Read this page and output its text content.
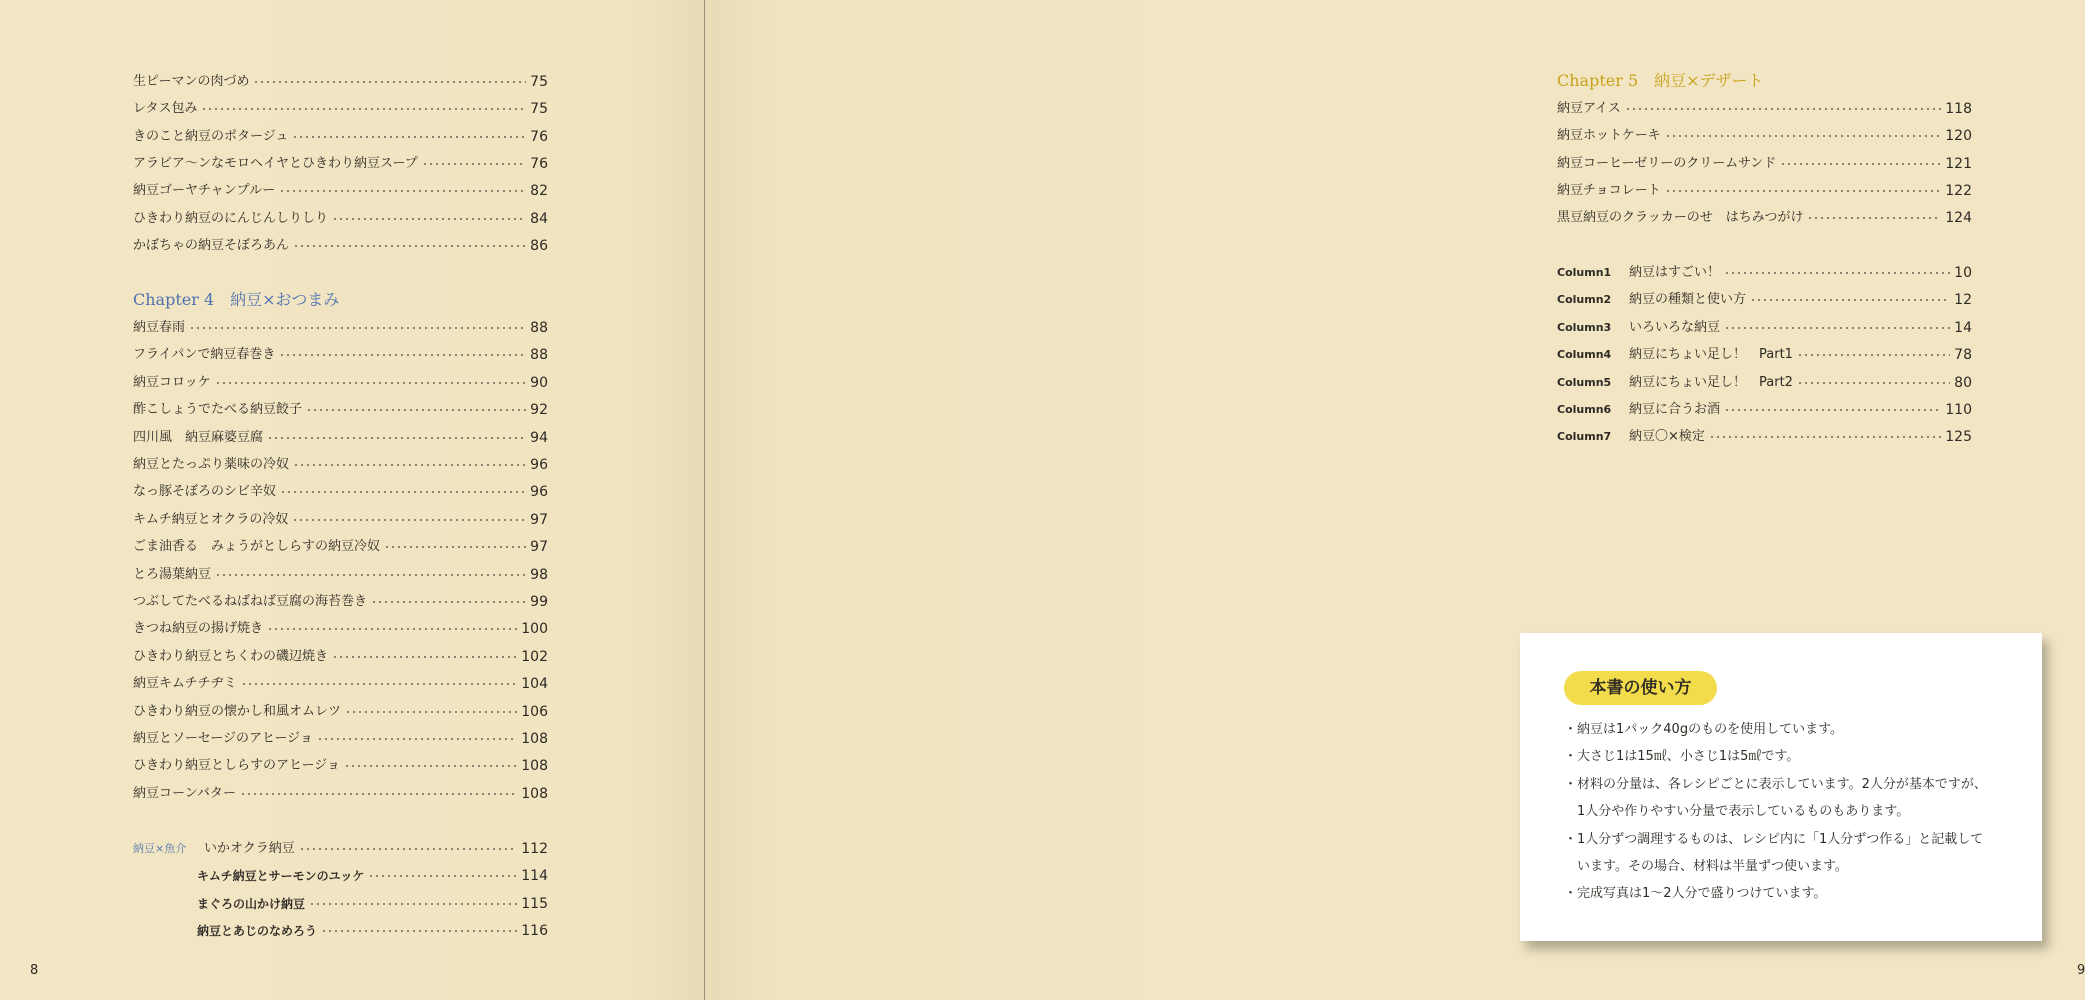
生ピーマンの肉づめ	75
レタス包み	75
きのこと納豆のポタージュ	76
アラビア〜ンなモロヘイヤとひきわり納豆スープ	76
納豆ゴーヤチャンプルー	82
ひきわり納豆のにんじんしりしり	84
かぼちゃの納豆そぼろあん	86
Chapter 4　納豆×おつまみ
納豆春雨	88
フライパンで納豆春巻き	88
納豆コロッケ	90
酢こしょうでたべる納豆餃子	92
四川風　納豆麻婆豆腐	94
納豆とたっぷり薬味の冷奴	96
なっ豚そぼろのシビ辛奴	96
キムチ納豆とオクラの冷奴	97
ごま油香る　みょうがとしらすの納豆冷奴	97
とろ湯葉納豆	98
つぶしてたべるねばねば豆腐の海苔巻き	99
きつね納豆の揚げ焼き	100
ひきわり納豆とちくわの磯辺焼き	102
納豆キムチチヂミ	104
ひきわり納豆の懐かし和風オムレツ	106
納豆とソーセージのアヒージョ	108
ひきわり納豆としらすのアヒージョ	108
納豆コーンバター	108
納豆×魚介 いかオクラ納豆	112
キムチ納豆とサーモンのユッケ	114
まぐろの山かけ納豆	115
納豆とあじのなめろう	116
8
Chapter 5　納豆×デザート
納豆アイス	118
納豆ホットケーキ	120
納豆コーヒーゼリーのクリームサンド	121
納豆チョコレート	122
黒豆納豆のクラッカーのせ　はちみつがけ	124
Column1	納豆はすごい！	10
Column2	納豆の種類と使い方	12
Column3	いろいろな納豆	14
Column4	納豆にちょい足し！　Part1	78
Column5	納豆にちょい足し！　Part2	80
Column6	納豆に合うお酒	110
Column7	納豆〇×検定	125
本書の使い方
・納豆は1パック40gのものを使用しています。
・大さじ1は15㎖、小さじ1は5㎖です。
・材料の分量は、各レシピごとに表示しています。2人分が基本ですが、
　1人分や作りやすい分量で表示しているものもあります。
・1人分ずつ調理するものは、レシピ内に「1人分ずつ作る」と記載して
　います。その場合、材料は半量ずつ使います。
・完成写真は1〜2人分で盛りつけています。
9
